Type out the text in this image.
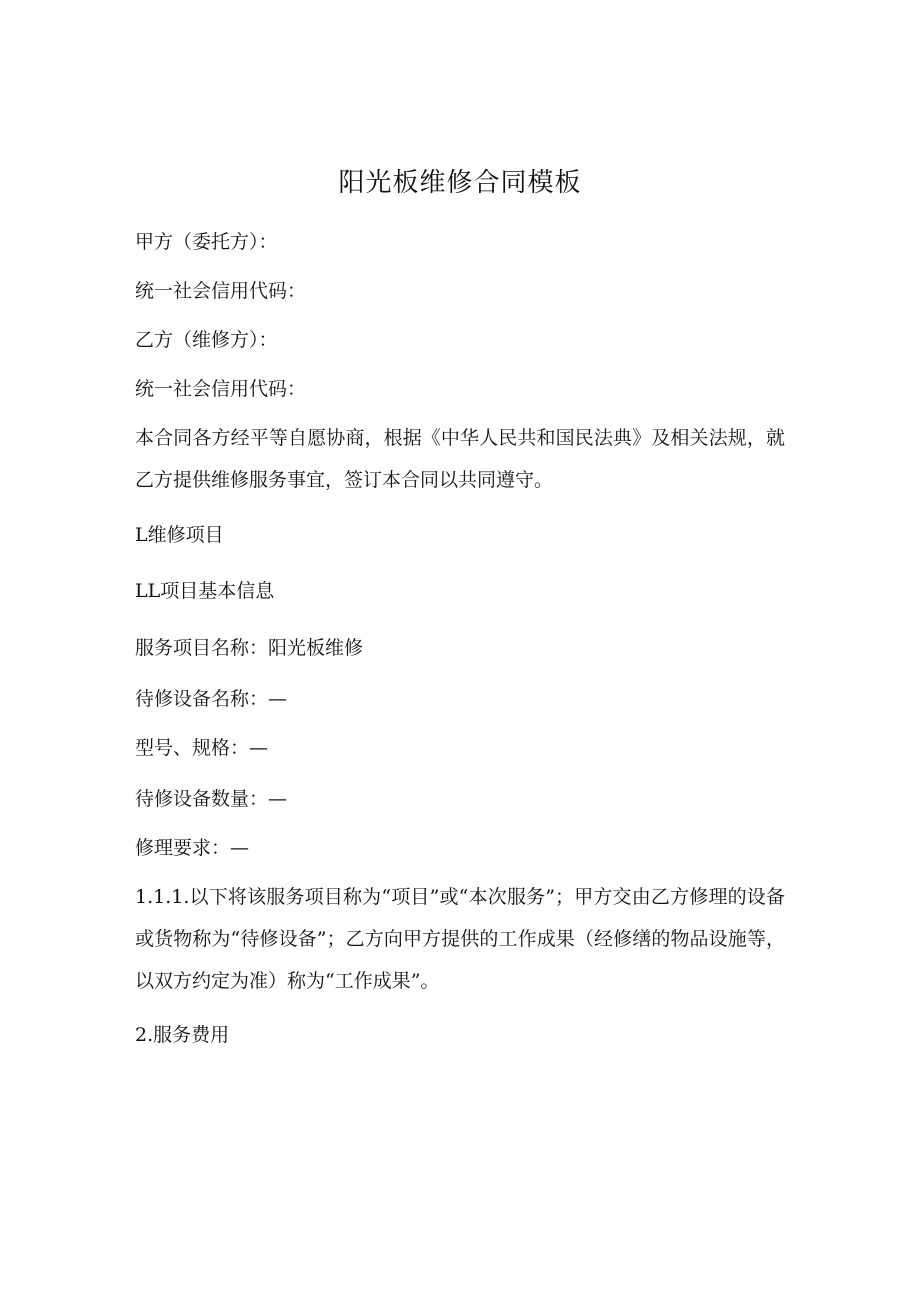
阳光板维修合同模板
甲方（委托方）：
统一社会信用代码：
乙方（维修方）：
统一社会信用代码：
本合同各方经平等自愿协商，根据《中华人民共和国民法典》及相关法规，就乙方提供维修服务事宜，签订本合同以共同遵守。
L维修项目
LL项目基本信息
服务项目名称：阳光板维修
待修设备名称：—
型号、规格：—
待修设备数量：—
修理要求：—
1.1.1.以下将该服务项目称为“项目”或“本次服务”；甲方交由乙方修理的设备或货物称为“待修设备”；乙方向甲方提供的工作成果（经修缮的物品设施等，以双方约定为准）称为“工作成果”。
2.服务费用
